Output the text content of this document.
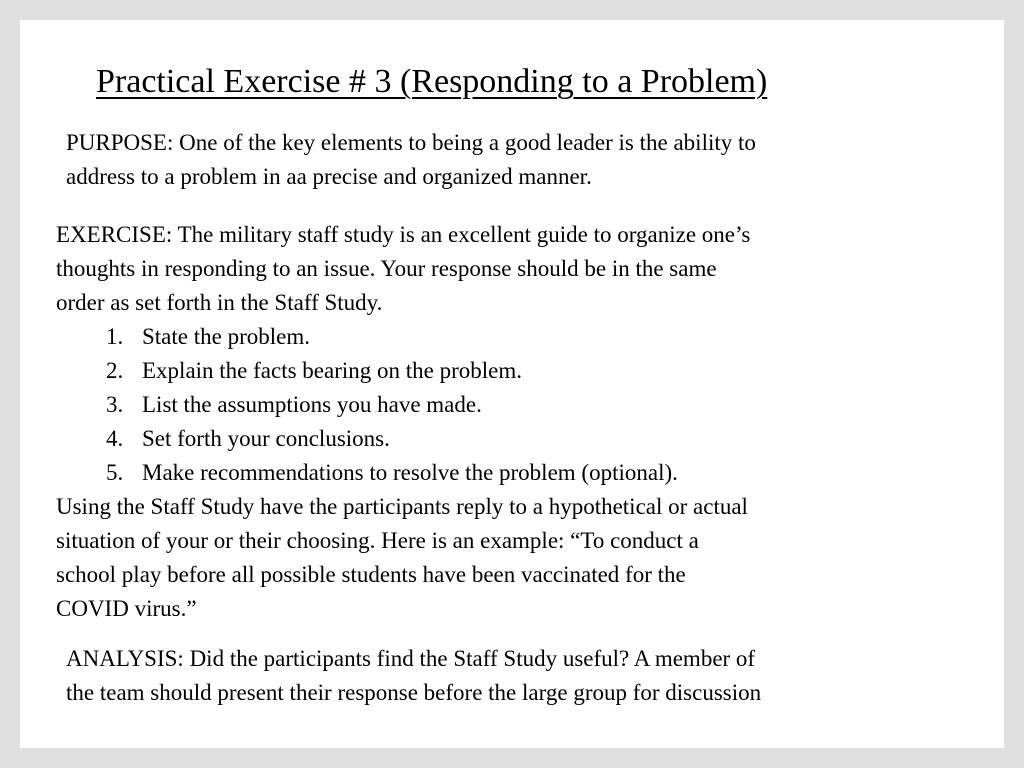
Practical Exercise # 3 (Responding to a Problem)
PURPOSE: One of the key elements to being a good leader is the ability to
address to a problem in aa precise and organized manner.
EXERCISE: The military staff study is an excellent guide to organize one’s
thoughts in responding to an issue. Your response should be in the same
order as set forth in the Staff Study.
1. State the problem.
2. Explain the facts bearing on the problem.
3. List the assumptions you have made.
4. Set forth your conclusions.
5. Make recommendations to resolve the problem (optional).
Using the Staff Study have the participants reply to a hypothetical or actual
situation of your or their choosing. Here is an example: “To conduct a
school play before all possible students have been vaccinated for the
COVID virus.”
ANALYSIS: Did the participants find the Staff Study useful? A member of
the team should present their response before the large group for discussion
